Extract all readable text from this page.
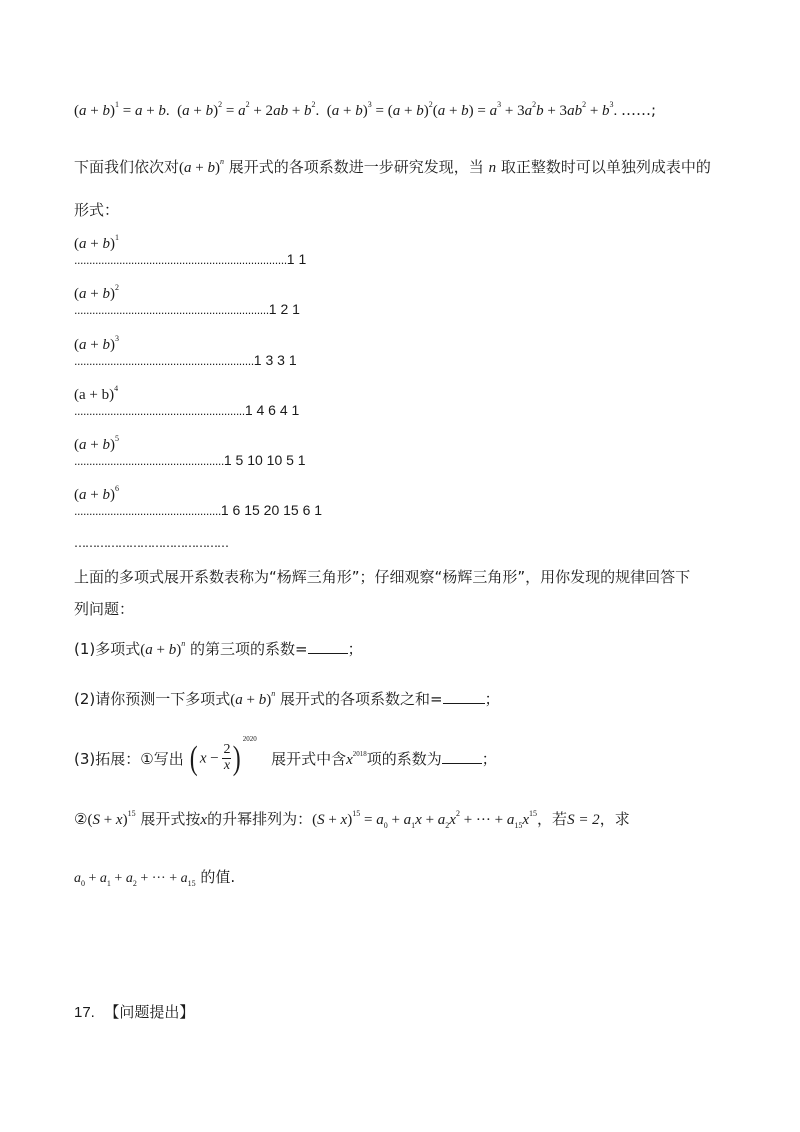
$(a + b)^1 = a + b$. $(a + b)^2 = a^2 + 2ab + b^2$. $(a + b)^3 = (a + b)^2(a + b) = a^3 + 3a^2b + 3ab^2 + b^3$. ……;
下面我们依次对$(a + b)^n$ 展开式的各项系数进一步研究发现，当 n 取正整数时可以单独列成表中的
形式：
$(a + b)^1$
.......................................................................1 1
$(a + b)^2$
.................................................................1 2 1
$(a + b)^3$
............................................................1 3 3 1
$(a + b)^4$
.........................................................1 4 6 4 1
$(a + b)^5$
..................................................1 5 10 10 5 1
$(a + b)^6$
.................................................1 6 15 20 15 6 1
……………………………………
上面的多项式展开系数表称为“杨辉三角形”；仔细观察“杨辉三角形”，用你发现的规律回答下
列问题：
(1)多项式$(a + b)^n$ 的第三项的系数=	；
(2)请你预测一下多项式$(a + b)^n$ 展开式的各项系数之和=	；
(3)拓展：①写出 ( $x - \frac{2}{x} )^{2020}$   展开式中含$x^{2018}$项的系数为	；
②(S + x)$^{15}$ 展开式按x的升幂排列为：$(S + x)^{15} = a_0 + a_1x + a_2x^2$ + ··· + $a_{15}x^{15}$，若S = 2，求
$a_0 + a_1 + a_2$ + ··· + $a_{15}$ 的值.
17. 【问题提出】
